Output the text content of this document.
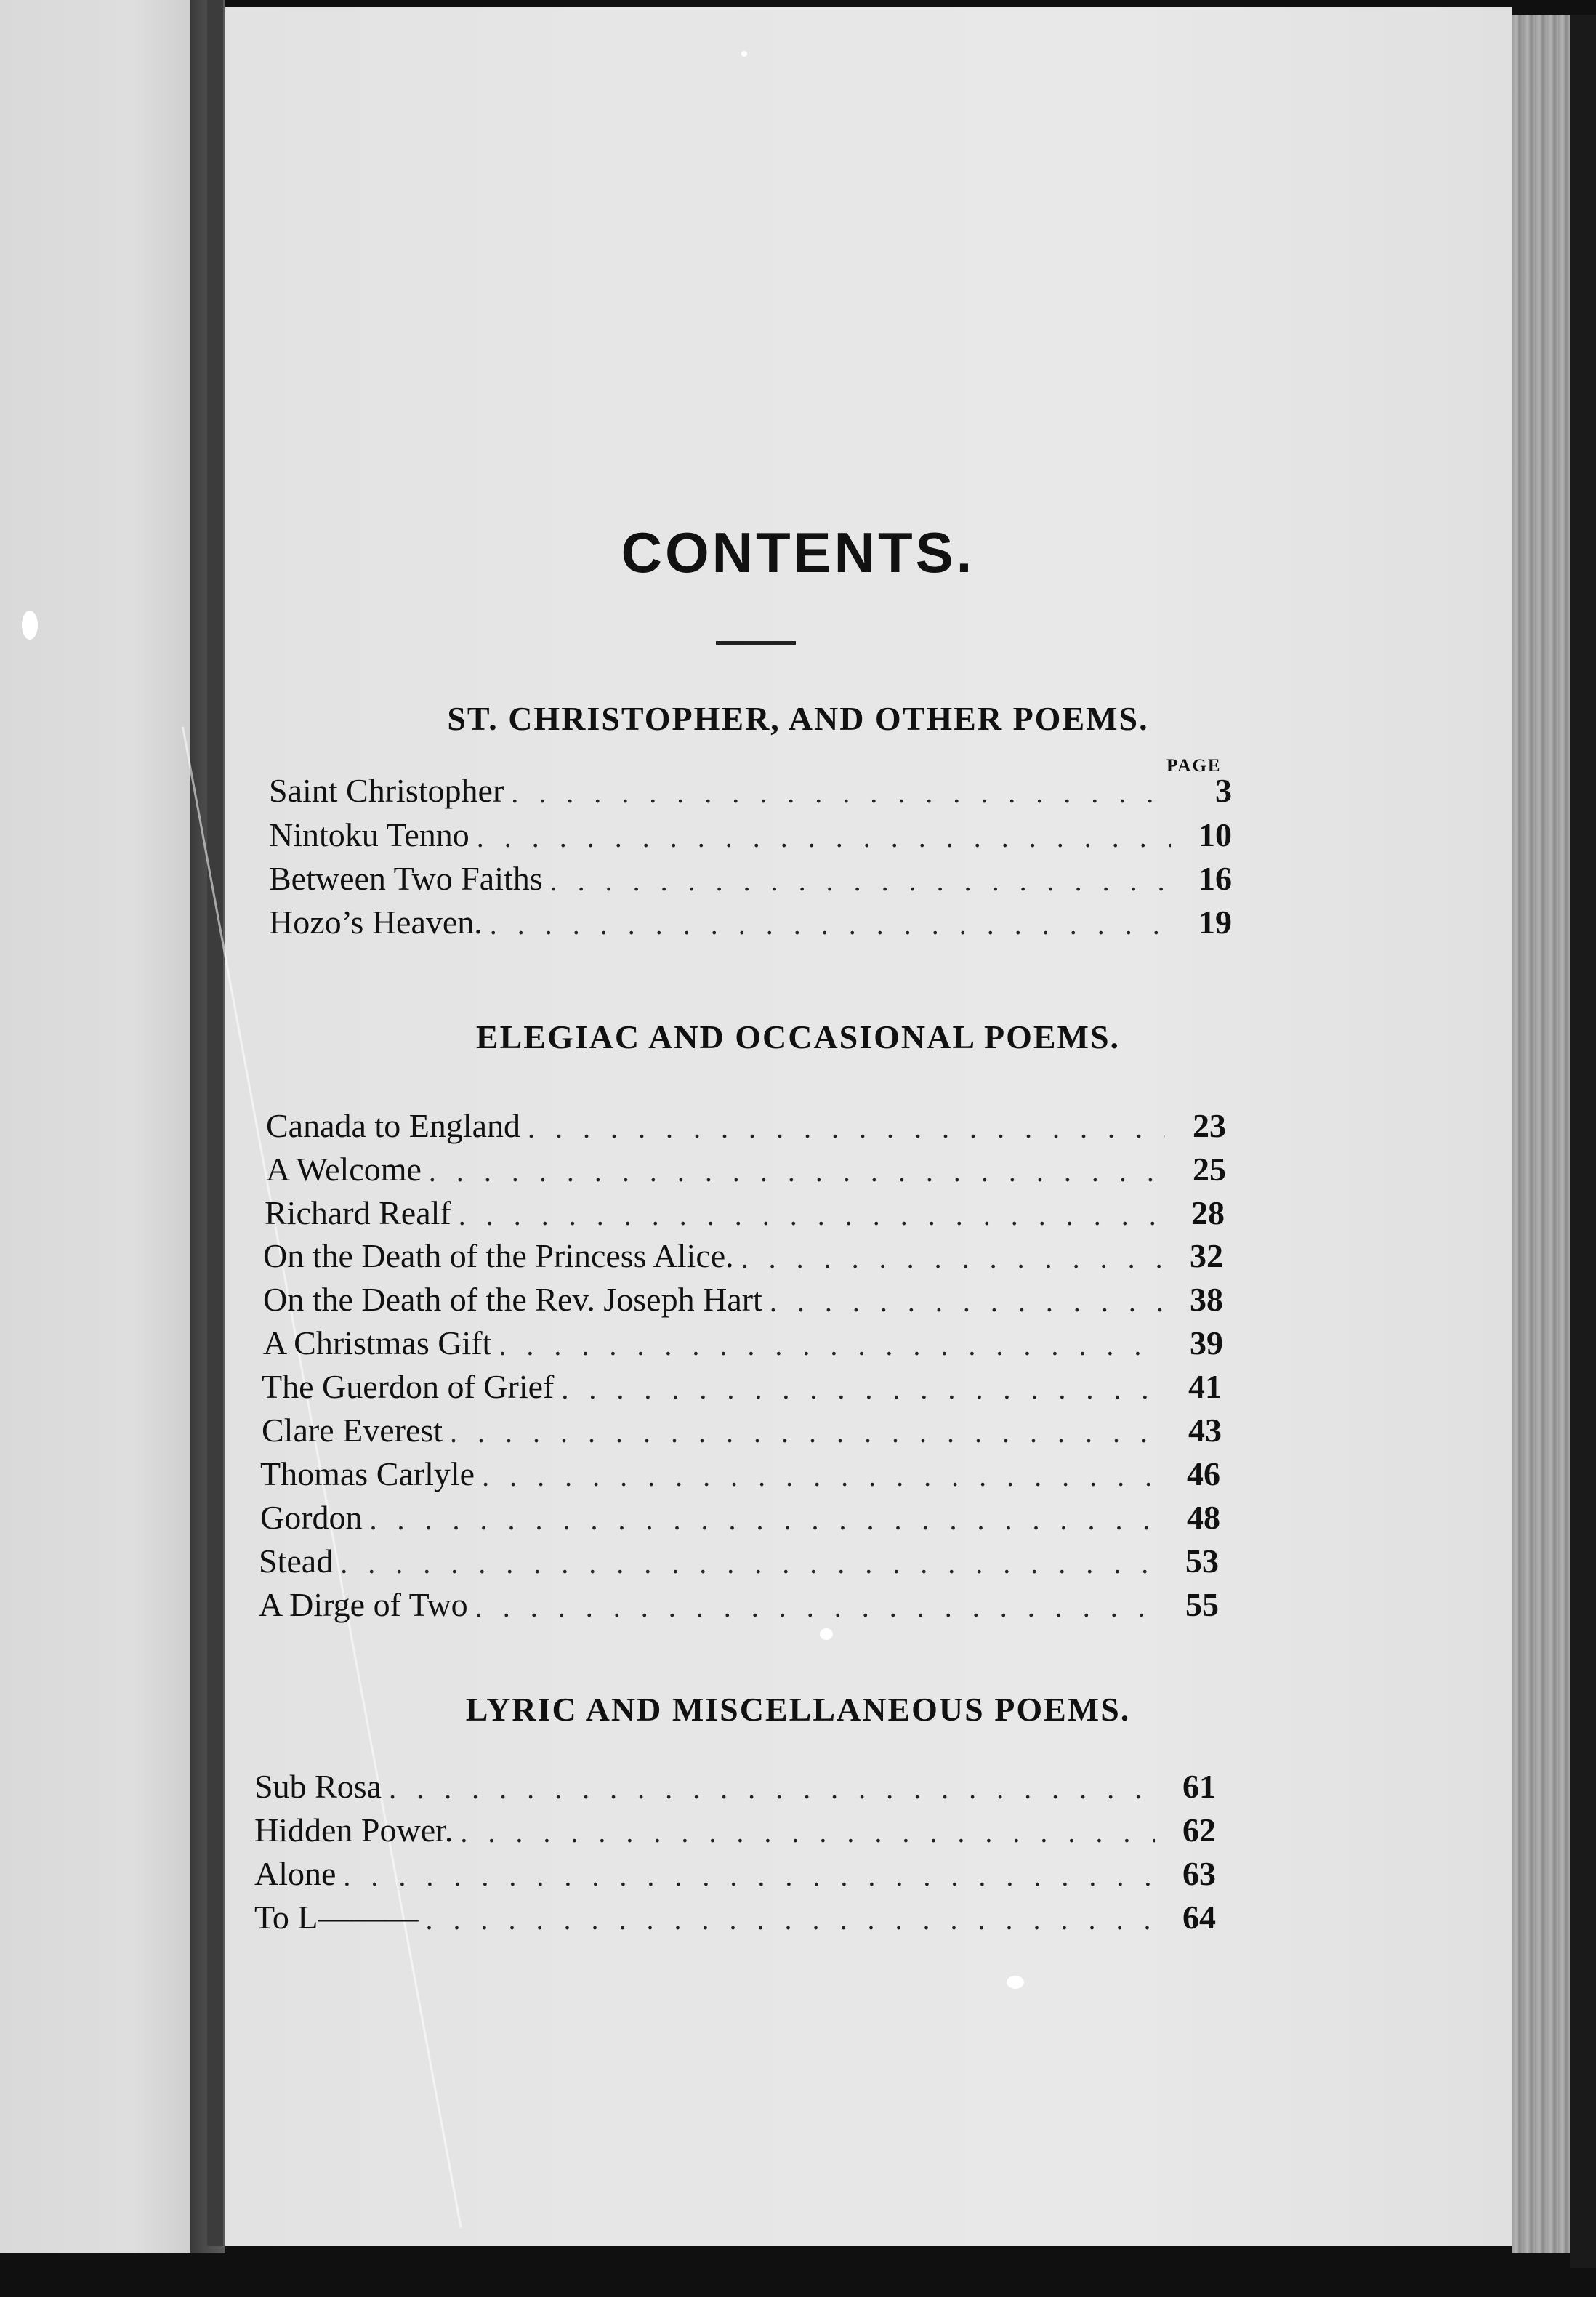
CONTENTS.
ST. CHRISTOPHER, AND OTHER POEMS.
PAGE
Saint Christopher . . .	3
Nintoku Tenno . . .	10
Between Two Faiths . . .	16
Hozo’s Heaven. . . .	19
ELEGIAC AND OCCASIONAL POEMS.
Canada to England . . .	23
A Welcome . . .	25
Richard Realf . . .	28
On the Death of the Princess Alice. . . .	32
On the Death of the Rev. Joseph Hart . . .	38
A Christmas Gift . . .	39
The Guerdon of Grief . . .	41
Clare Everest . . .	43
Thomas Carlyle . . .	46
Gordon . . .	48
Stead . . .	53
A Dirge of Two . . .	55
LYRIC AND MISCELLANEOUS POEMS.
Sub Rosa . . .	61
Hidden Power. . . .	62
Alone . . .	63
To L——— . . .	64
